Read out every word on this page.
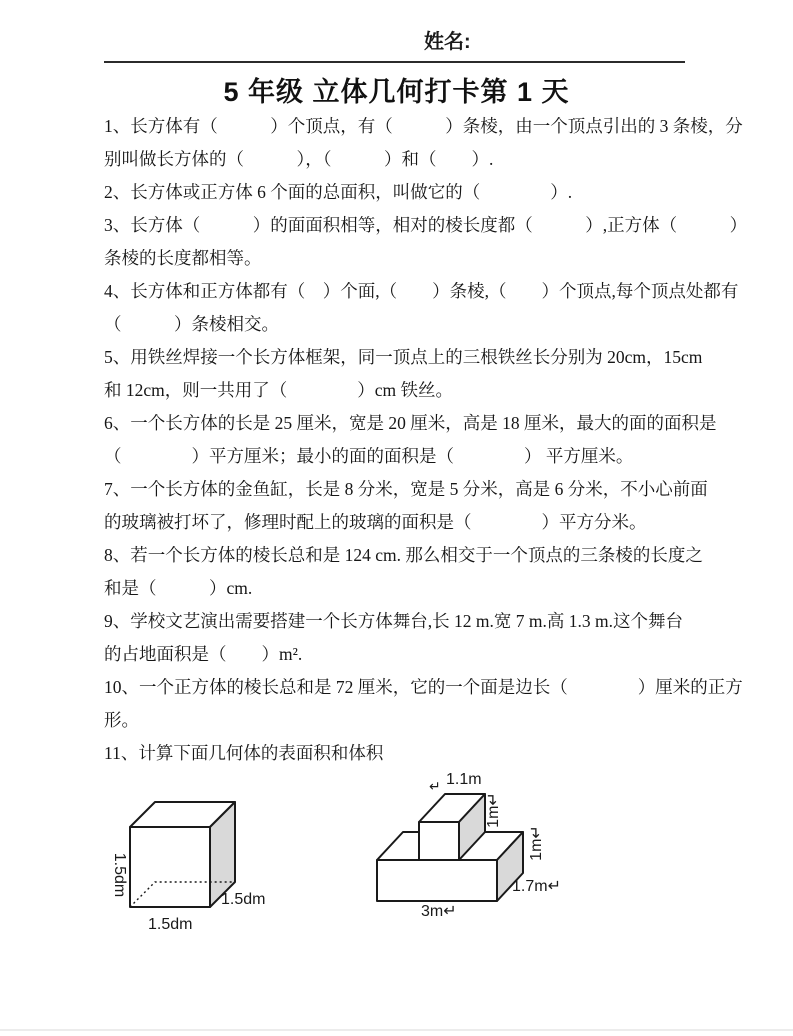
姓名:
5 年级 立体几何打卡第 1 天
1、长方体有（　　　）个顶点，有（　　　）条棱，由一个顶点引出的 3 条棱，分
别叫做长方体的（　　　），（　　　）和（　　）.
2、长方体或正方体 6 个面的总面积，叫做它的（　　　　）.
3、长方体（　　　）的面面积相等，相对的棱长度都（　　　）,正方体（　　　）
条棱的长度都相等。
4、长方体和正方体都有（　）个面,（　　）条棱,（　　）个顶点,每个顶点处都有
（　　　）条棱相交。
5、用铁丝焊接一个长方体框架，同一顶点上的三根铁丝长分别为 20cm，15cm
和 12cm，则一共用了（　　　　）cm 铁丝。
6、一个长方体的长是 25 厘米，宽是 20 厘米，高是 18 厘米，最大的面的面积是
（　　　　）平方厘米；最小的面的面积是（　　　　） 平方厘米。
7、一个长方体的金鱼缸，长是 8 分米，宽是 5 分米，高是 6 分米，不小心前面
的玻璃被打坏了，修理时配上的玻璃的面积是（　　　　）平方分米。
8、若一个长方体的棱长总和是 124 cm. 那么相交于一个顶点的三条棱的长度之
和是（　　　）cm.
9、学校文艺演出需要搭建一个长方体舞台,长 12 m.宽 7 m.高 1.3 m.这个舞台
的占地面积是（　　）m².
10、一个正方体的棱长总和是 72 厘米，它的一个面是边长（　　　　）厘米的正方
形。
11、计算下面几何体的表面积和体积
1.5dm
1.5dm
1.5dm
↵ 1.1m
1m↵
1m↵
1.7m↵
3m↵
